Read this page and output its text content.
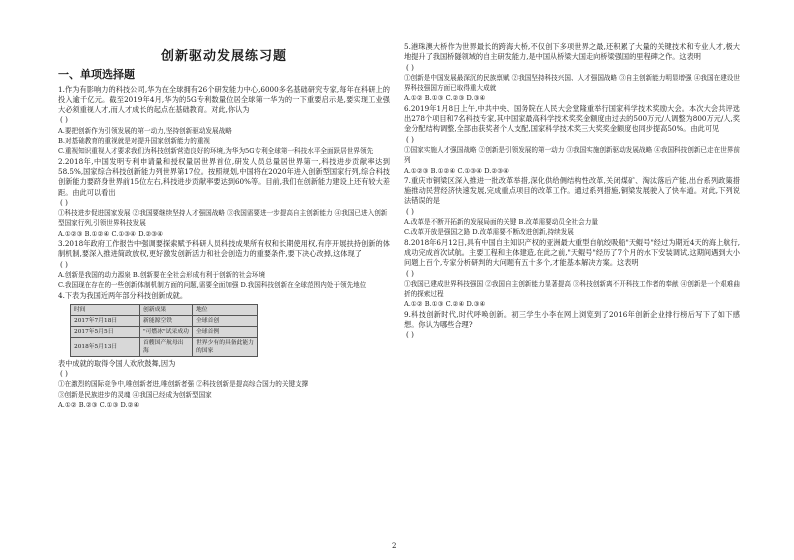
创新驱动发展练习题
一、单项选择题

1.作为有影响力的科技公司,华为在全球拥有26个研发能力中心,6000多名基础研究专家,每年在科研上的投入逾千亿元。截至2019年4月,华为的5G专利数量位居全球第一华为的一下重要启示是,要实现工业强大必须重视人才,而人才成长的起点在基础教育。对此,你认为

( )

A.要把创新作为引领发展的第一动力,坚持创新驱动发展战略

B.对基础教育的重视就是对提升国家创新能力的重视

C.重视知识重视人才要求我们为科技创新营造良好的环境,为华为5G专利全球第一科技水平全面跃居世界领先

2.2018年,中国发明专利申请量和授权量居世界首位,研发人员总量居世界第一,科技进步贡献率达到58.5%,国家综合科技创新能力列世界第17位。按照规划,中国将在2020年进入创新型国家行列,综合科技创新能力要跻身世界前15位左右,科技进步贡献率要达到60%等。目前,我们在创新能力建设上还有较大差距。由此可以看出

( )

①科技进步促进国家发展 ②我国要继续坚持人才强国战略 ③我国需要进一步提高自主创新能力 ④我国已进入创新型国家行列,引领世界科技发展

A.①②③ B.①②④ C.①③④ D.②③④

3.2018年政府工作报告中强调要探索赋予科研人员科技成果所有权和长期使用权,有序开展扶持创新的体制机制,要深入推进简政放权,更好激发创新活力和社会创造力的重要条件,要下决心改掉,这体现了

( )

A.创新是我国的动力源泉 B.创新要在全社会形成有利于创新的社会环境

C.我国现在存在的一些创新体制机制方面的问题,需要全面加强 D.我国科技创新在全球范围内处于领先地位

4.下表为我国近两年部分科技创新成就。

时间	创新成果	地位
2017年7月18日	新能源空铁	全球首创
2017年5月5日	"可燃冰"试采成功	全球首例
2018年5月13日	首艘国产航母出海	世界少有的具备此能力的国家

表中成就的取得令国人欢欣鼓舞,因为

( )

①在激烈的国际竞争中,唯创新者进,唯创新者强 ②科技创新是提高综合国力的关键支撑

③创新是民族进步的灵魂 ④我国已经成为创新型国家

A.①② B.②③ C.①③ D.②④

5.港珠澳大桥作为世界最长的跨海大桥,不仅创下多项世界之最,还积累了大量的关键技术和专业人才,极大地提升了我国桥隧领域的自主研发能力,是中国从桥梁大国走向桥梁强国的里程碑之作。这表明

( )

①创新是中国发展最深沉的民族禀赋 ②我国坚持科技兴国、人才强国战略 ③自主创新能力明显增强 ④我国在建设世界科技强国方面已取得重大成就

A.①② B.①③ C.②③ D.③④

6.2019年1月8日上午,中共中央、国务院在人民大会堂隆重举行国家科学技术奖励大会。本次大会共评选出278个项目和7名科技专家,其中国家最高科学技术奖奖金额度由过去的500万元/人调整为800万元/人,奖金分配结构调整,全部由获奖者个人支配,国家科学技术奖三大奖奖金额度也同步提高50%。由此可见

( )

①国家实施人才强国战略 ②创新是引领发展的第一动力 ③我国实施创新驱动发展战略 ④我国科技创新已走在世界前列

A.①②③ B.①②④ C.①③④ D.②③④

7.重庆市铜梁区深入推进一批改革举措,深化供给侧结构性改革,关闭煤矿、淘汰落后产能,出台系列政策措施推动民营经济快速发展,完成重点项目的改革工作。通过系列措施,铜梁发展驶入了快车道。对此,下列说法错误的是

( )

A.改革是不断开拓新的发展局面的关键 B.改革需要动员全社会力量

C.改革开放是强国之路 D.改革需要不断改进创新,持续发展

8.2018年6月12日,具有中国自主知识产权的亚洲最大重型自航绞吸船"天鲲号"经过为期近4天的海上航行,成功完成首次试航。主要工程和主体建造,在此之前,"天鲲号"经历了7个月的水下安装调试,这期间遇到大小问题上百个,专家分析研判的大问题有五十多个,才能基本解决方案。这表明

( )

①我国已建成世界科技强国 ②我国自主创新能力显著提高 ③科技创新离不开科技工作者的奉献 ④创新是一个艰难曲折的探索过程

A.①② B.①③ C.②④ D.③④

9.科技创新时代,时代呼唤创新。初三学生小李在网上浏览到了2016年创新企业排行榜后写下了如下感想。你认为哪些合理?

( )

2
